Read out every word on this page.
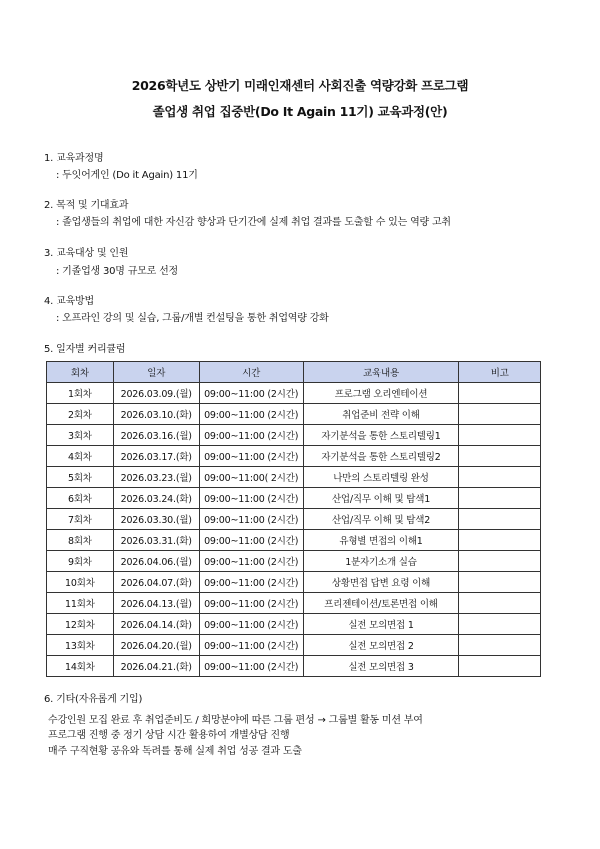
2026학년도 상반기 미래인재센터 사회진출 역량강화 프로그램
졸업생 취업 집중반(Do It Again 11기) 교육과정(안)
1. 교육과정명
: 두잇어게인 (Do it Again) 11기
2. 목적 및 기대효과
: 졸업생들의 취업에 대한 자신감 향상과 단기간에 실제 취업 결과를 도출할 수 있는 역량 고취
3. 교육대상 및 인원
: 기졸업생 30명 규모로 선정
4. 교육방법
: 오프라인 강의 및 실습, 그룹/개별 컨설팅을 통한 취업역량 강화
5. 일자별 커리큘럼
회차	일자	시간	교육내용	비고
1회차	2026.03.09.(월)	09:00~11:00 (2시간)	프로그램 오리엔테이션	
2회차	2026.03.10.(화)	09:00~11:00 (2시간)	취업준비 전략 이해	
3회차	2026.03.16.(월)	09:00~11:00 (2시간)	자기분석을 통한 스토리텔링1	
4회차	2026.03.17.(화)	09:00~11:00 (2시간)	자기분석을 통한 스토리텔링2	
5회차	2026.03.23.(월)	09:00~11:00( 2시간)	나만의 스토리텔링 완성	
6회차	2026.03.24.(화)	09:00~11:00 (2시간)	산업/직무 이해 및 탐색1	
7회차	2026.03.30.(월)	09:00~11:00 (2시간)	산업/직무 이해 및 탐색2	
8회차	2026.03.31.(화)	09:00~11:00 (2시간)	유형별 면접의 이해1	
9회차	2026.04.06.(월)	09:00~11:00 (2시간)	1분자기소개 실습	
10회차	2026.04.07.(화)	09:00~11:00 (2시간)	상황면접 답변 요령 이해	
11회차	2026.04.13.(월)	09:00~11:00 (2시간)	프리젠테이션/토론면접 이해	
12회차	2026.04.14.(화)	09:00~11:00 (2시간)	실전 모의면접 1	
13회차	2026.04.20.(월)	09:00~11:00 (2시간)	실전 모의면접 2	
14회차	2026.04.21.(화)	09:00~11:00 (2시간)	실전 모의면접 3	
6. 기타(자유롭게 기입)
수강인원 모집 완료 후 취업준비도 / 희망분야에 따른 그룹 편성 → 그룹별 활동 미션 부여
프로그램 진행 중 정기 상담 시간 활용하여 개별상담 진행
매주 구직현황 공유와 독려를 통해 실제 취업 성공 결과 도출
